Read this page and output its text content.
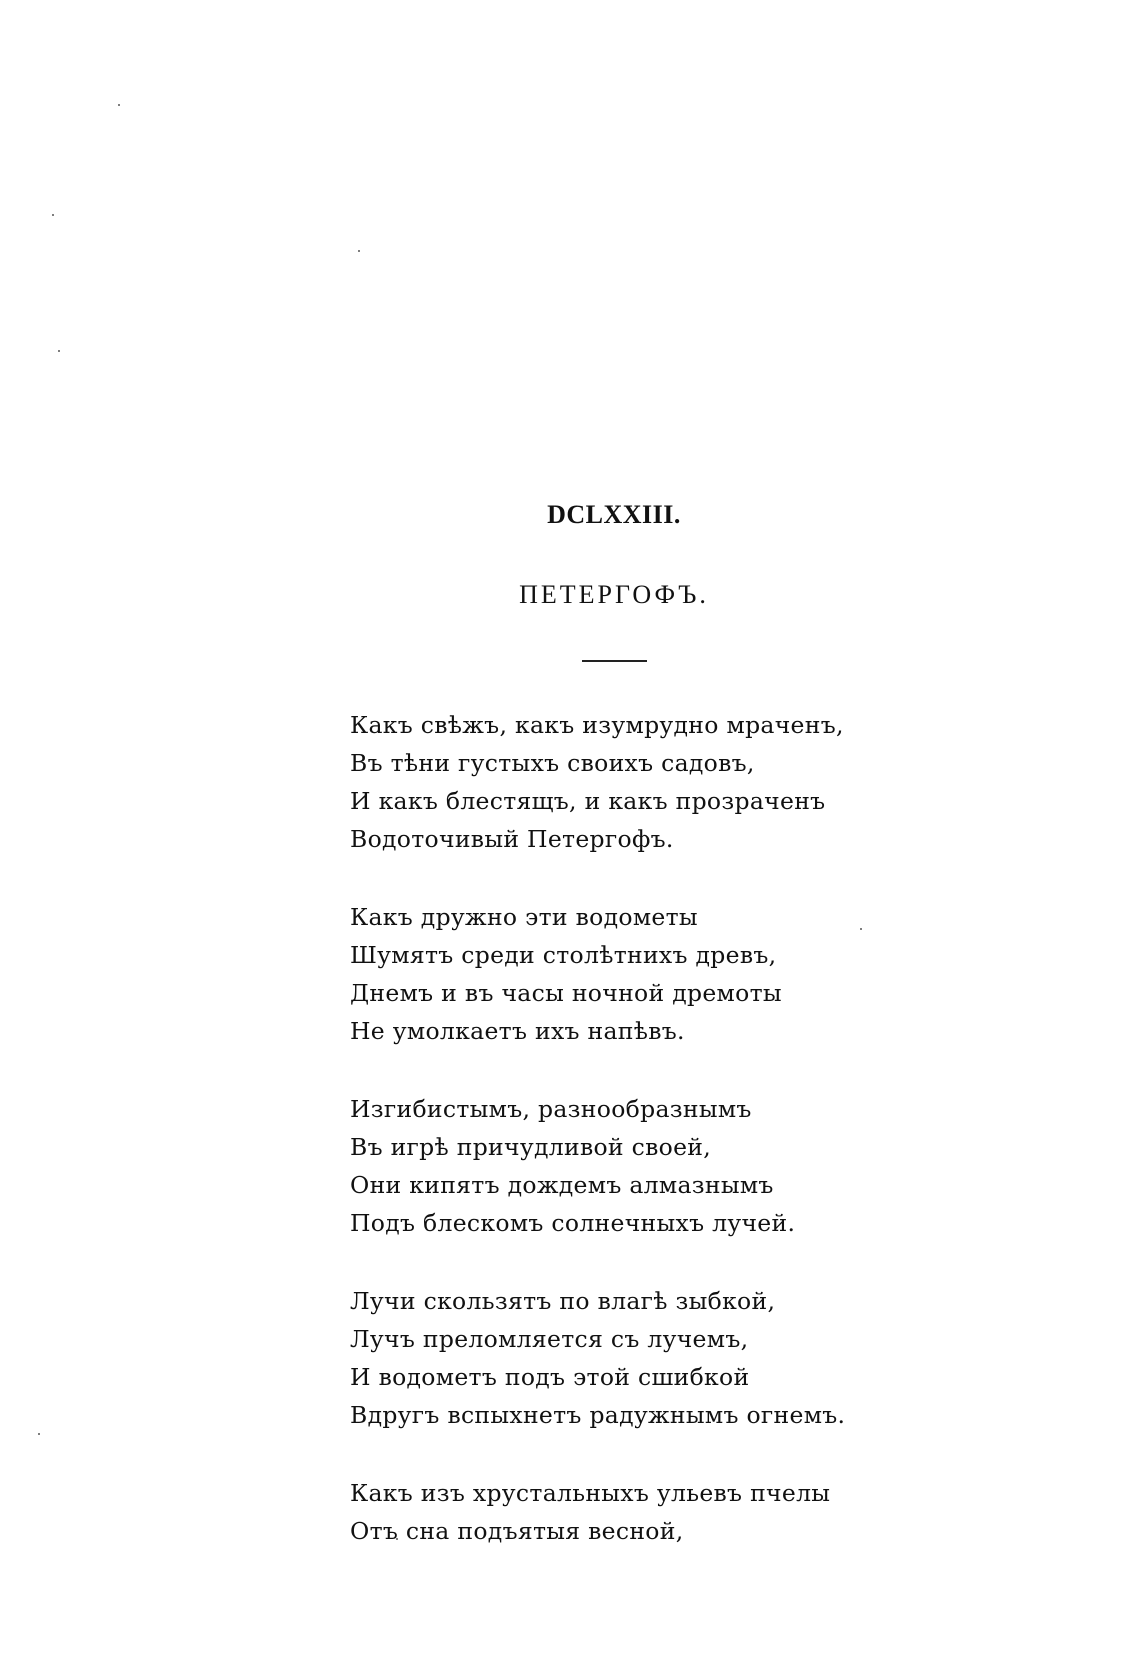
DCLXXIII.
ПЕТЕРГОФЪ.
Какъ свѣжъ, какъ изумрудно мраченъ,
Въ тѣни густыхъ своихъ садовъ,
И какъ блестящъ, и какъ прозраченъ
Водоточивый Петергофъ.
Какъ дружно эти водометы
Шумятъ среди столѣтнихъ древъ,
Днемъ и въ часы ночной дремоты
Не умолкаетъ ихъ напѣвъ.
Изгибистымъ, разнообразнымъ
Въ игрѣ причудливой своей,
Они кипятъ дождемъ алмазнымъ
Подъ блескомъ солнечныхъ лучей.
Лучи скользятъ по влагѣ зыбкой,
Лучъ преломляется съ лучемъ,
И водометъ подъ этой сшибкой
Вдругъ вспыхнетъ радужнымъ огнемъ.
Какъ изъ хрустальныхъ ульевъ пчелы
Отъ сна подъятыя весной,
